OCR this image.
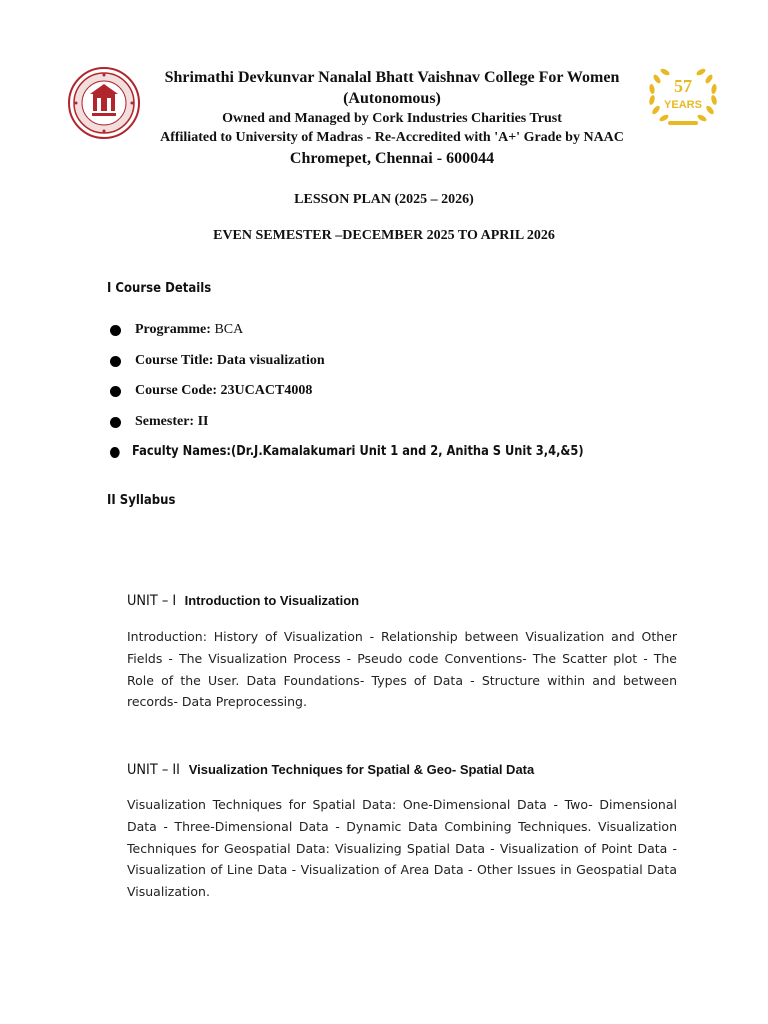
Shrimathi Devkunvar Nanalal Bhatt Vaishnav College For Women
(Autonomous)
Owned and Managed by Cork Industries Charities Trust
Affiliated to University of Madras - Re-Accredited with 'A+' Grade by NAAC
Chromepet, Chennai - 600044
57
YEARS
LESSON PLAN (2025 – 2026)
EVEN SEMESTER –DECEMBER 2025 TO APRIL 2026
I Course Details
Programme: BCA
Course Title: Data visualization
Course Code: 23UCACT4008
Semester: II
Faculty Names:(Dr.J.Kamalakumari Unit 1 and 2, Anitha S Unit 3,4,&5)
II Syllabus
UNIT – I Introduction to Visualization
Introduction: History of Visualization - Relationship between Visualization and Other Fields - The Visualization Process - Pseudo code Conventions- The Scatter plot - The Role of the User. Data Foundations- Types of Data - Structure within and between records- Data Preprocessing.
UNIT – II Visualization Techniques for Spatial & Geo- Spatial Data
Visualization Techniques for Spatial Data: One-Dimensional Data - Two- Dimensional Data - Three-Dimensional Data - Dynamic Data Combining Techniques. Visualization Techniques for Geospatial Data: Visualizing Spatial Data - Visualization of Point Data - Visualization of Line Data - Visualization of Area Data - Other Issues in Geospatial Data Visualization.
